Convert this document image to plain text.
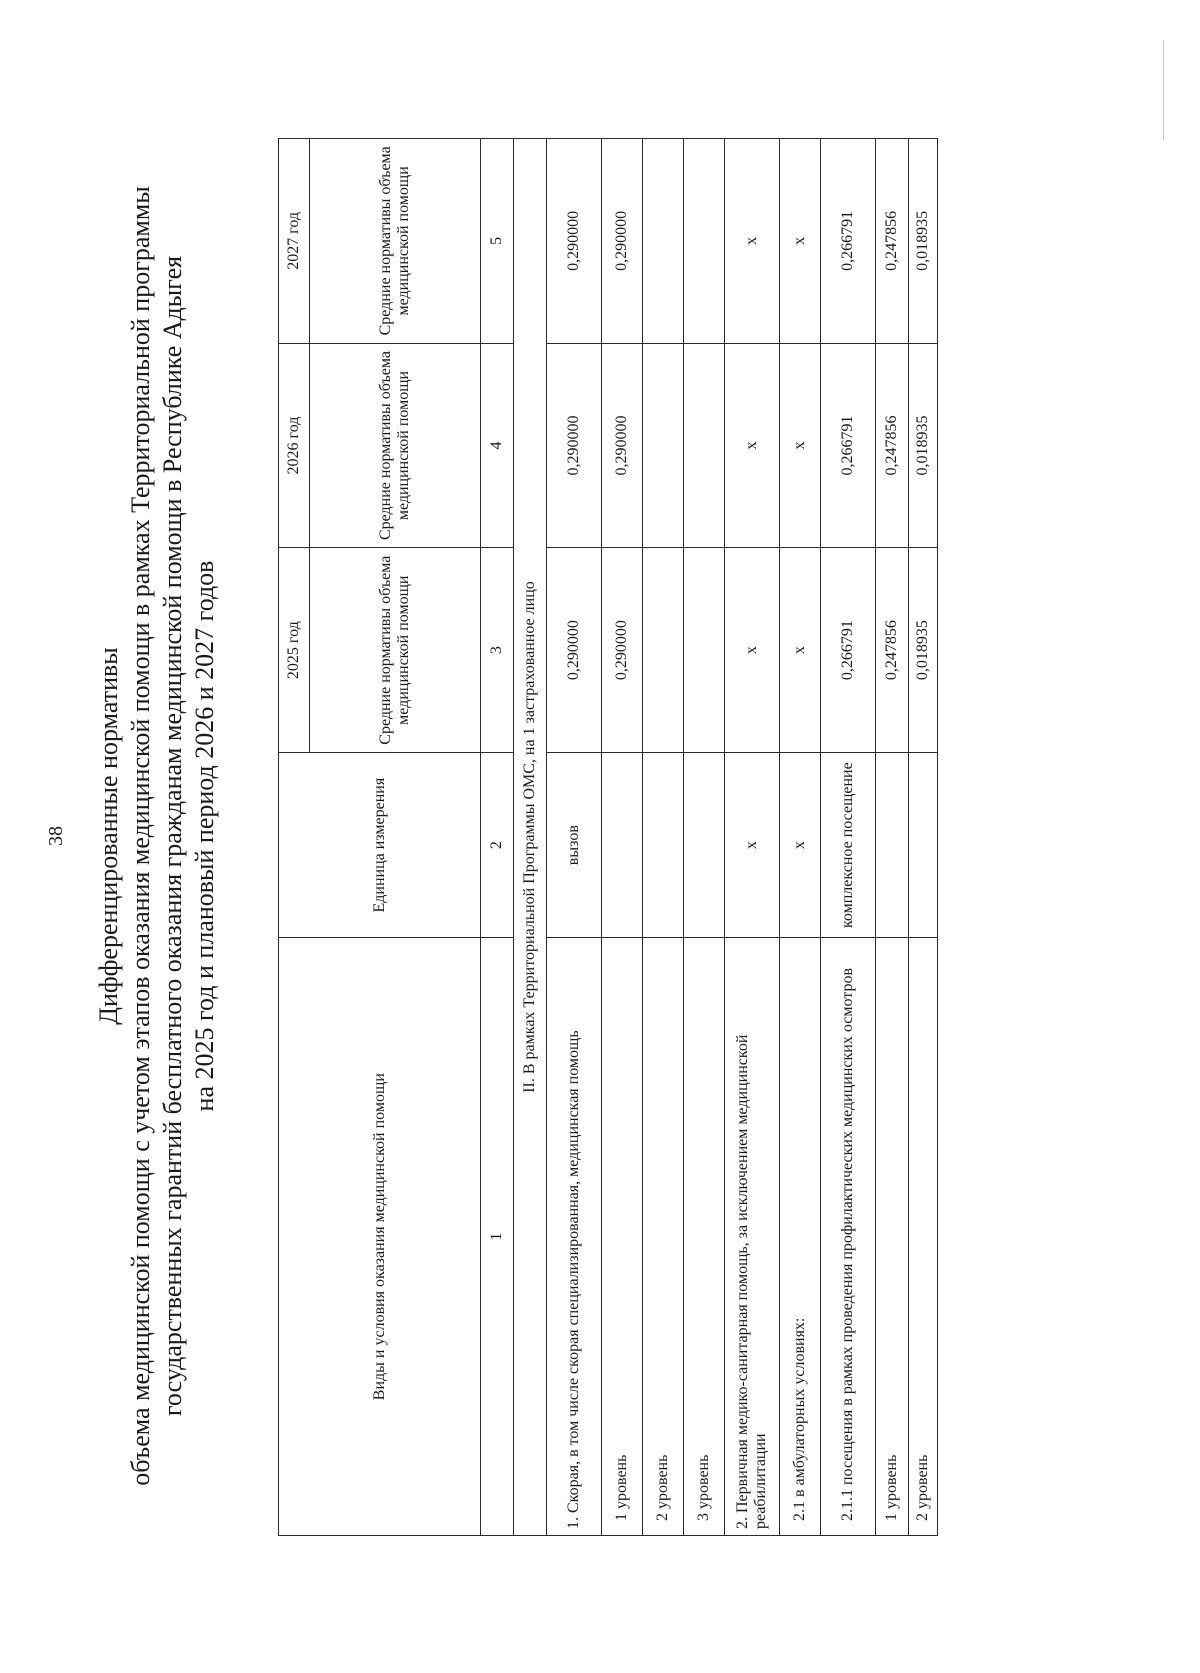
38 Дифференцированные нормативы объема медицинской помощи с учетом этапов оказания медицинской помощи в рамках Территориальной программы государственных гарантий бесплатного оказания гражданам медицинской помощи в Республике Адыгея на 2025 год и плановый период 2026 и 2027 годов
Виды и условия оказания медицинской помощи	Единица измерения	2025 год	2026 год	2027 год
		Средние нормативы объема медицинской помощи	Средние нормативы объема медицинской помощи	Средние нормативы объема медицинской помощи
1	2	3	4	5
II. В рамках Территориальной Программы ОМС, на 1 застрахованное лицо				
1. Скорая, в том числе скорая специализированная, медицинская помощь	вызов	0,290000	0,290000	0,290000
1 уровень		0,290000	0,290000	0,290000
2 уровень				
3 уровень				
2. Первичная медико-санитарная помощь, за исключением медицинской реабилитации	х	х	х	х
2.1 в амбулаторных условиях:	х	х	х	х
2.1.1 посещения в рамках проведения профилактических медицинских осмотров	комплексное посещение	0,266791	0,266791	0,266791
1 уровень		0,247856	0,247856	0,247856
2 уровень		0,018935	0,018935	0,018935
